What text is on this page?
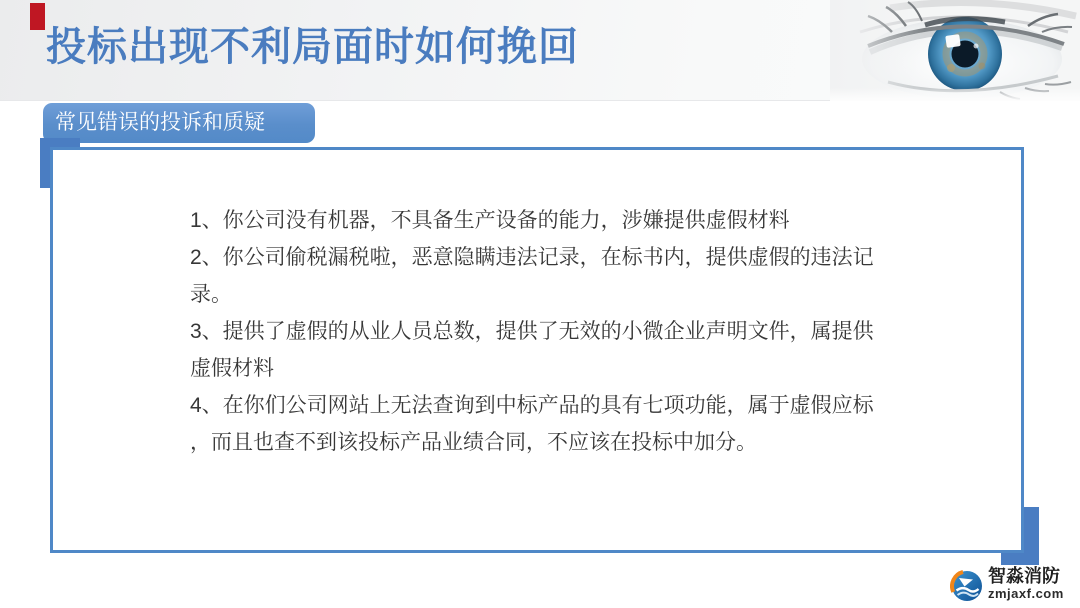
投标出现不利局面时如何挽回
常见错误的投诉和质疑
1、你公司没有机器，不具备生产设备的能力，涉嫌提供虚假材料
2、你公司偷税漏税啦，恶意隐瞒违法记录，在标书内，提供虚假的违法记
录。
3、提供了虚假的从业人员总数，提供了无效的小微企业声明文件，属提供
虚假材料
4、在你们公司网站上无法查询到中标产品的具有七项功能，属于虚假应标
，而且也查不到该投标产品业绩合同，不应该在投标中加分。
智淼消防
zmjaxf.com
